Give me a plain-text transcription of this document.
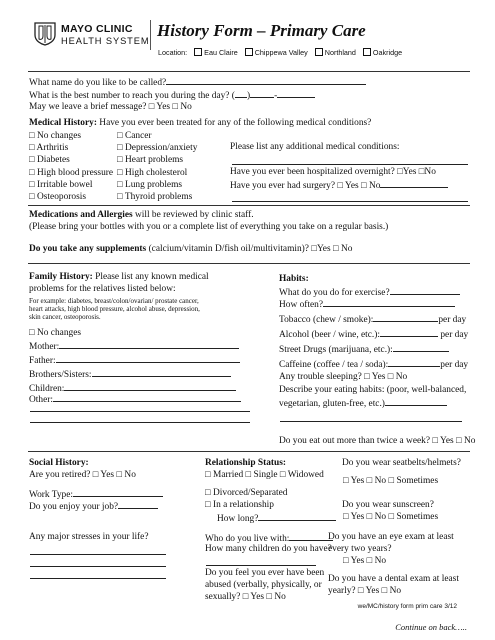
MAYO CLINIC
HEALTH SYSTEM
History Form – Primary Care
Location: Eau Claire Chippewa Valley Northland Oakridge
What name do you like to be called?
What is the best number to reach you during the day? ( )	-
May we leave a brief message? □ Yes □ No
Medical History: Have you ever been treated for any of the following medical conditions?
□ No changes
□ Arthritis
□ Diabetes
□ High blood pressure
□ Irritable bowel
□ Osteoporosis
□ Cancer
□ Depression/anxiety
□ Heart problems
□ High cholesterol
□ Lung problems
□ Thyroid problems
Please list any additional medical conditions:
Have you ever been hospitalized overnight? □Yes □No
Have you ever had surgery? □ Yes □ No
Medications and Allergies will be reviewed by clinic staff.
(Please bring your bottles with you or a complete list of everything you take on a regular basis.)
Do you take any supplements (calcium/vitamin D/fish oil/multivitamin)? □Yes □ No
Family History: Please list any known medical
problems for the relatives listed below:
For example: diabetes, breast/colon/ovarian/ prostate cancer,
heart attacks, high blood pressure, alcohol abuse, depression,
skin cancer, osteoporosis.
□ No changes
Mother:
Father:
Brothers/Sisters:
Children:
Other:
Habits:
What do you do for exercise?
How often?
Tobacco (chew / smoke):	per day
Alcohol (beer / wine, etc.):	per day
Street Drugs (marijuana, etc.):
Caffeine (coffee / tea / soda):	per day
Any trouble sleeping? □ Yes □ No
Describe your eating habits: (poor, well-balanced,
vegetarian, gluten-free, etc.)
Do you eat out more than twice a week? □ Yes □ No
Social History:
Are you retired? □ Yes □ No
Work Type:
Do you enjoy your job?
Any major stresses in your life?
Relationship Status:
□ Married □ Single □ Widowed
□ Divorced/Separated
□ In a relationship
How long?
Who do you live with:
How many children do you have?
Do you feel you ever have been
abused (verbally, physically, or
sexually? □ Yes □ No
Do you wear seatbelts/helmets?
□ Yes □ No □ Sometimes
Do you wear sunscreen?
□ Yes □ No □ Sometimes
Do you have an eye exam at least
every two years?
□ Yes □ No
Do you have a dental exam at least
yearly? □ Yes □ No
we/MC/history form prim care 3/12
Continue on back…..
